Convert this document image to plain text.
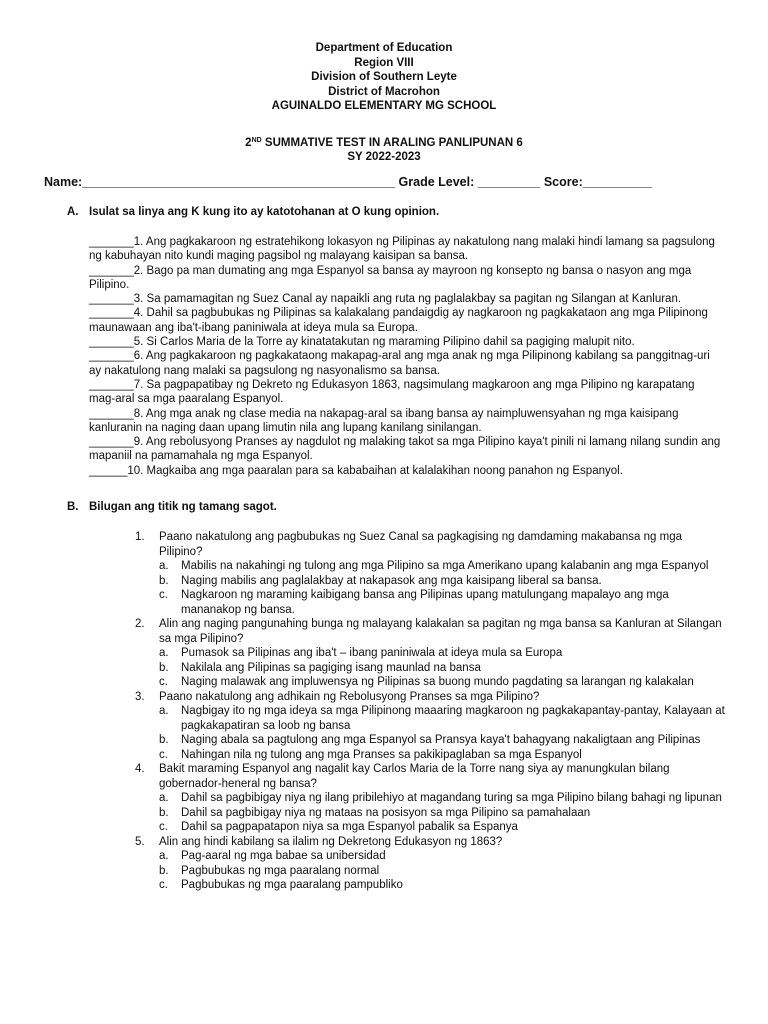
Department of Education
Region VIII
Division of Southern Leyte
District of Macrohon
AGUINALDO ELEMENTARY MG SCHOOL
2ND SUMMATIVE TEST IN ARALING PANLIPUNAN 6
SY 2022-2023
Name:_____________________________________________ Grade Level: _________ Score:__________
A. Isulat sa linya ang K kung ito ay katotohanan at O kung opinion.

_______1. Ang pagkakaroon ng estratehikong lokasyon ng Pilipinas ay nakatulong nang malaki hindi lamang sa pagsulong ng kabuhayan nito kundi maging pagsibol ng malayang kaisipan sa bansa.

_______2. Bago pa man dumating ang mga Espanyol sa bansa ay mayroon ng konsepto ng bansa o nasyon ang mga Pilipino.

_______3. Sa pamamagitan ng Suez Canal ay napaikli ang ruta ng paglalakbay sa pagitan ng Silangan at Kanluran.

_______4. Dahil sa pagbubukas ng Pilipinas sa kalakalang pandaigdig ay nagkaroon ng pagkakataon ang mga Pilipinong maunawaan ang iba't-ibang paniniwala at ideya mula sa Europa.

_______5. Si Carlos Maria de la Torre ay kinatatakutan ng maraming Pilipino dahil sa pagiging malupit nito.

_______6. Ang pagkakaroon ng pagkakataong makapag-aral ang mga anak ng mga Pilipinong kabilang sa panggitnag-uri ay nakatulong nang malaki sa pagsulong ng nasyonalismo sa bansa.

_______7. Sa pagpapatibay ng Dekreto ng Edukasyon 1863, nagsimulang magkaroon ang mga Pilipino ng karapatang mag-aral sa mga paaralang Espanyol.

_______8. Ang mga anak ng clase media na nakapag-aral sa ibang bansa ay naimpluwensyahan ng mga kaisipang kanluranin na naging daan upang limutin nila ang lupang kanilang sinilangan.

_______9. Ang rebolusyong Pranses ay nagdulot ng malaking takot sa mga Pilipino kaya't pinili ni lamang nilang sundin ang mapaniil na pamamahala ng mga Espanyol.

______10. Magkaiba ang mga paaralan para sa kababaihan at kalalakihan noong panahon ng Espanyol.

B. Bilugan ang titik ng tamang sagot.
1.	Paano nakatulong ang pagbubukas ng Suez Canal sa pagkagising ng damdaming makabansa ng mga Pilipino?
a.	Mabilis na nakahingi ng tulong ang mga Pilipino sa mga Amerikano upang kalabanin ang mga Espanyol
b.	Naging mabilis ang paglalakbay at nakapasok ang mga kaisipang liberal sa bansa.
c.	Nagkaroon ng maraming kaibigang bansa ang Pilipinas upang matulungang mapalayo ang mga mananakop ng bansa.
2.	Alin ang naging pangunahing bunga ng malayang kalakalan sa pagitan ng mga bansa sa Kanluran at Silangan sa mga Pilipino?
a.	Pumasok sa Pilipinas ang iba't – ibang paniniwala at ideya mula sa Europa
b.	Nakilala ang Pilipinas sa pagiging isang maunlad na bansa
c.	Naging malawak ang impluwensya ng Pilipinas sa buong mundo pagdating sa larangan ng kalakalan
3.	Paano nakatulong ang adhikain ng Rebolusyong Pranses sa mga Pilipino?
a.	Nagbigay ito ng mga ideya sa mga Pilipinong maaaring magkaroon ng pagkakapantay-pantay, Kalayaan at pagkakapatiran sa loob ng bansa
b.	Naging abala sa pagtulong ang mga Espanyol sa Pransya kaya't bahagyang nakaligtaan ang Pilipinas
c.	Nahingan nila ng tulong ang mga Pranses sa pakikipaglaban sa mga Espanyol
4.	Bakit maraming Espanyol ang nagalit kay Carlos Maria de la Torre nang siya ay manungkulan bilang gobernador-heneral ng bansa?
a.	Dahil sa pagbibigay niya ng ilang pribilehiyo at magandang turing sa mga Pilipino bilang bahagi ng lipunan
b.	Dahil sa pagbibigay niya ng mataas na posisyon sa mga Pilipino sa pamahalaan
c.	Dahil sa pagpapatapon niya sa mga Espanyol pabalik sa Espanya
5.	Alin ang hindi kabilang sa ilalim ng Dekretong Edukasyon ng 1863?
a.	Pag-aaral ng mga babae sa unibersidad
b.	Pagbubukas ng mga paaralang normal
c.	Pagbubukas ng mga paaralang pampubliko
